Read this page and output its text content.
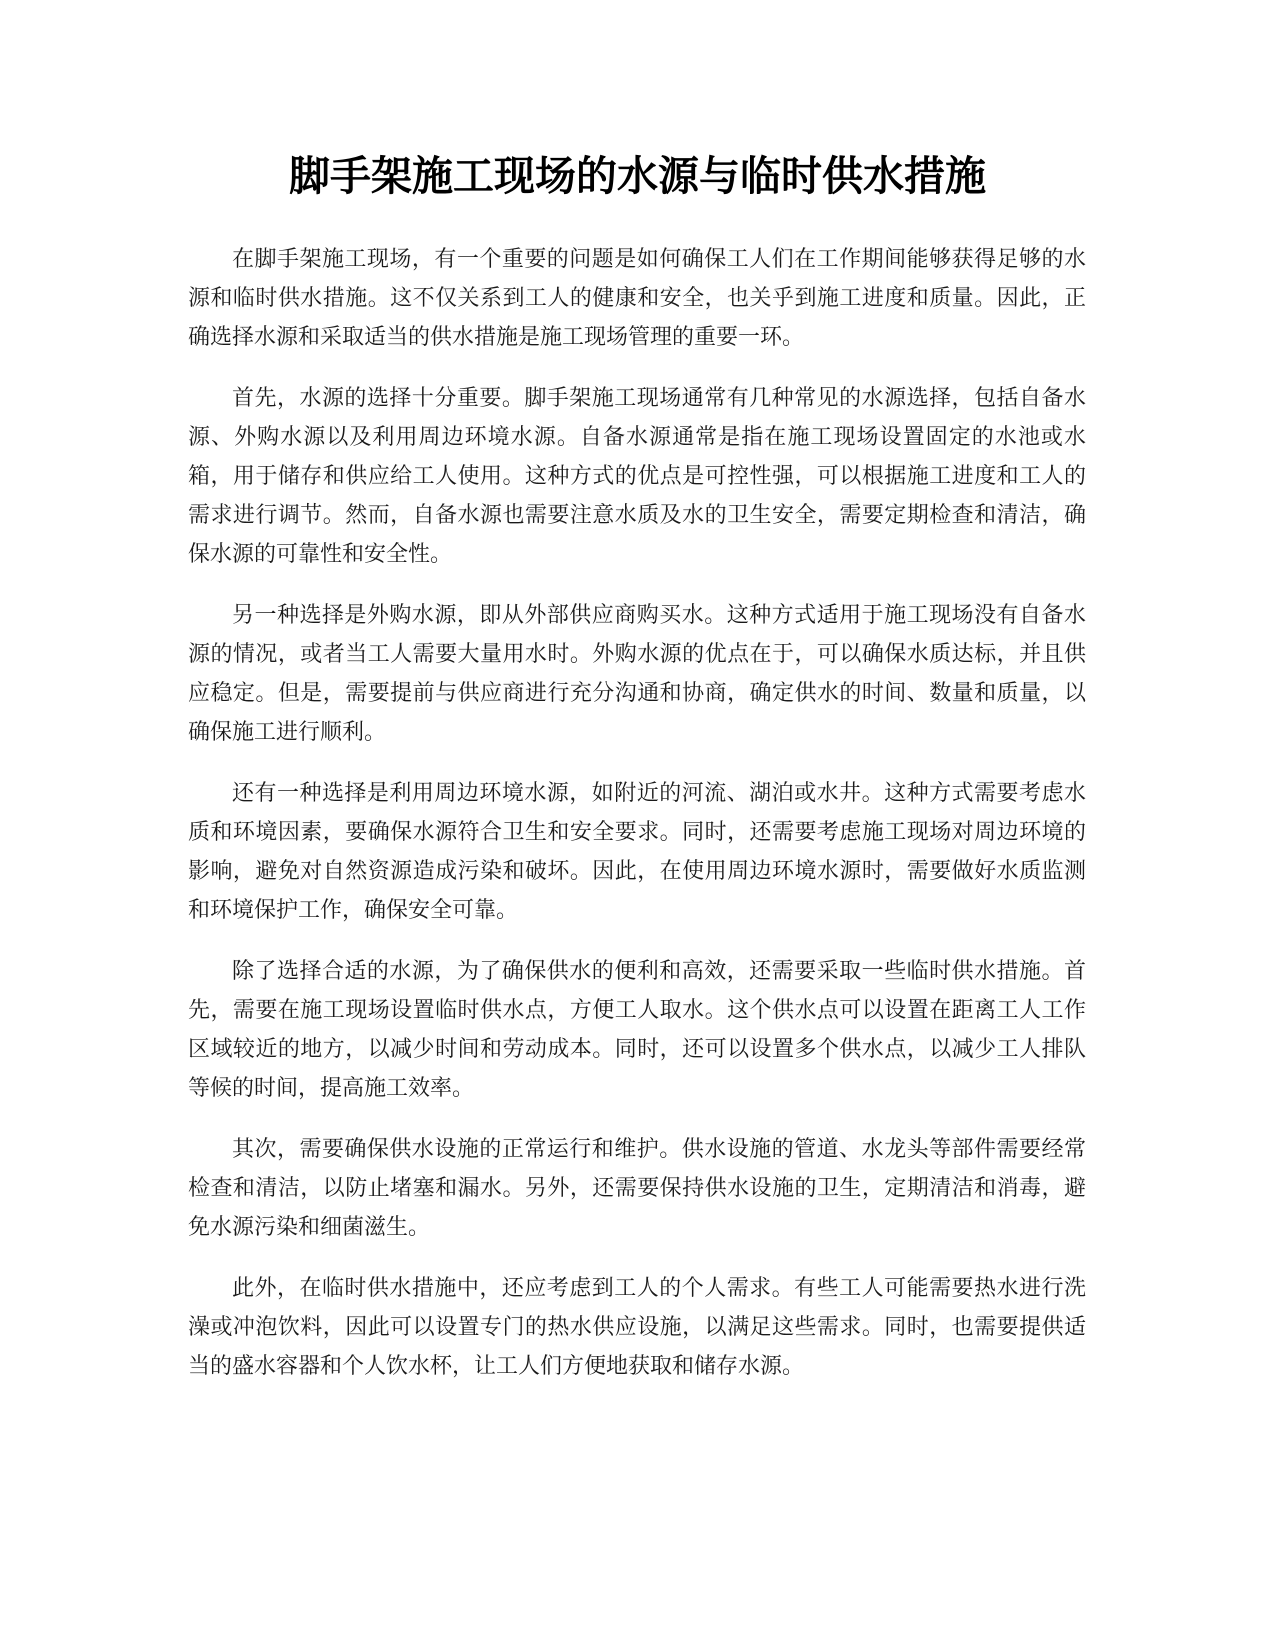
脚手架施工现场的水源与临时供水措施

在脚手架施工现场，有一个重要的问题是如何确保工人们在工作期间能够获得足够的水源和临时供水措施。这不仅关系到工人的健康和安全，也关乎到施工进度和质量。因此，正确选择水源和采取适当的供水措施是施工现场管理的重要一环。

首先，水源的选择十分重要。脚手架施工现场通常有几种常见的水源选择，包括自备水源、外购水源以及利用周边环境水源。自备水源通常是指在施工现场设置固定的水池或水箱，用于储存和供应给工人使用。这种方式的优点是可控性强，可以根据施工进度和工人的需求进行调节。然而，自备水源也需要注意水质及水的卫生安全，需要定期检查和清洁，确保水源的可靠性和安全性。

另一种选择是外购水源，即从外部供应商购买水。这种方式适用于施工现场没有自备水源的情况，或者当工人需要大量用水时。外购水源的优点在于，可以确保水质达标，并且供应稳定。但是，需要提前与供应商进行充分沟通和协商，确定供水的时间、数量和质量，以确保施工进行顺利。

还有一种选择是利用周边环境水源，如附近的河流、湖泊或水井。这种方式需要考虑水质和环境因素，要确保水源符合卫生和安全要求。同时，还需要考虑施工现场对周边环境的影响，避免对自然资源造成污染和破坏。因此，在使用周边环境水源时，需要做好水质监测和环境保护工作，确保安全可靠。

除了选择合适的水源，为了确保供水的便利和高效，还需要采取一些临时供水措施。首先，需要在施工现场设置临时供水点，方便工人取水。这个供水点可以设置在距离工人工作区域较近的地方，以减少时间和劳动成本。同时，还可以设置多个供水点，以减少工人排队等候的时间，提高施工效率。

其次，需要确保供水设施的正常运行和维护。供水设施的管道、水龙头等部件需要经常检查和清洁，以防止堵塞和漏水。另外，还需要保持供水设施的卫生，定期清洁和消毒，避免水源污染和细菌滋生。

此外，在临时供水措施中，还应考虑到工人的个人需求。有些工人可能需要热水进行洗澡或冲泡饮料，因此可以设置专门的热水供应设施，以满足这些需求。同时，也需要提供适当的盛水容器和个人饮水杯，让工人们方便地获取和储存水源。
